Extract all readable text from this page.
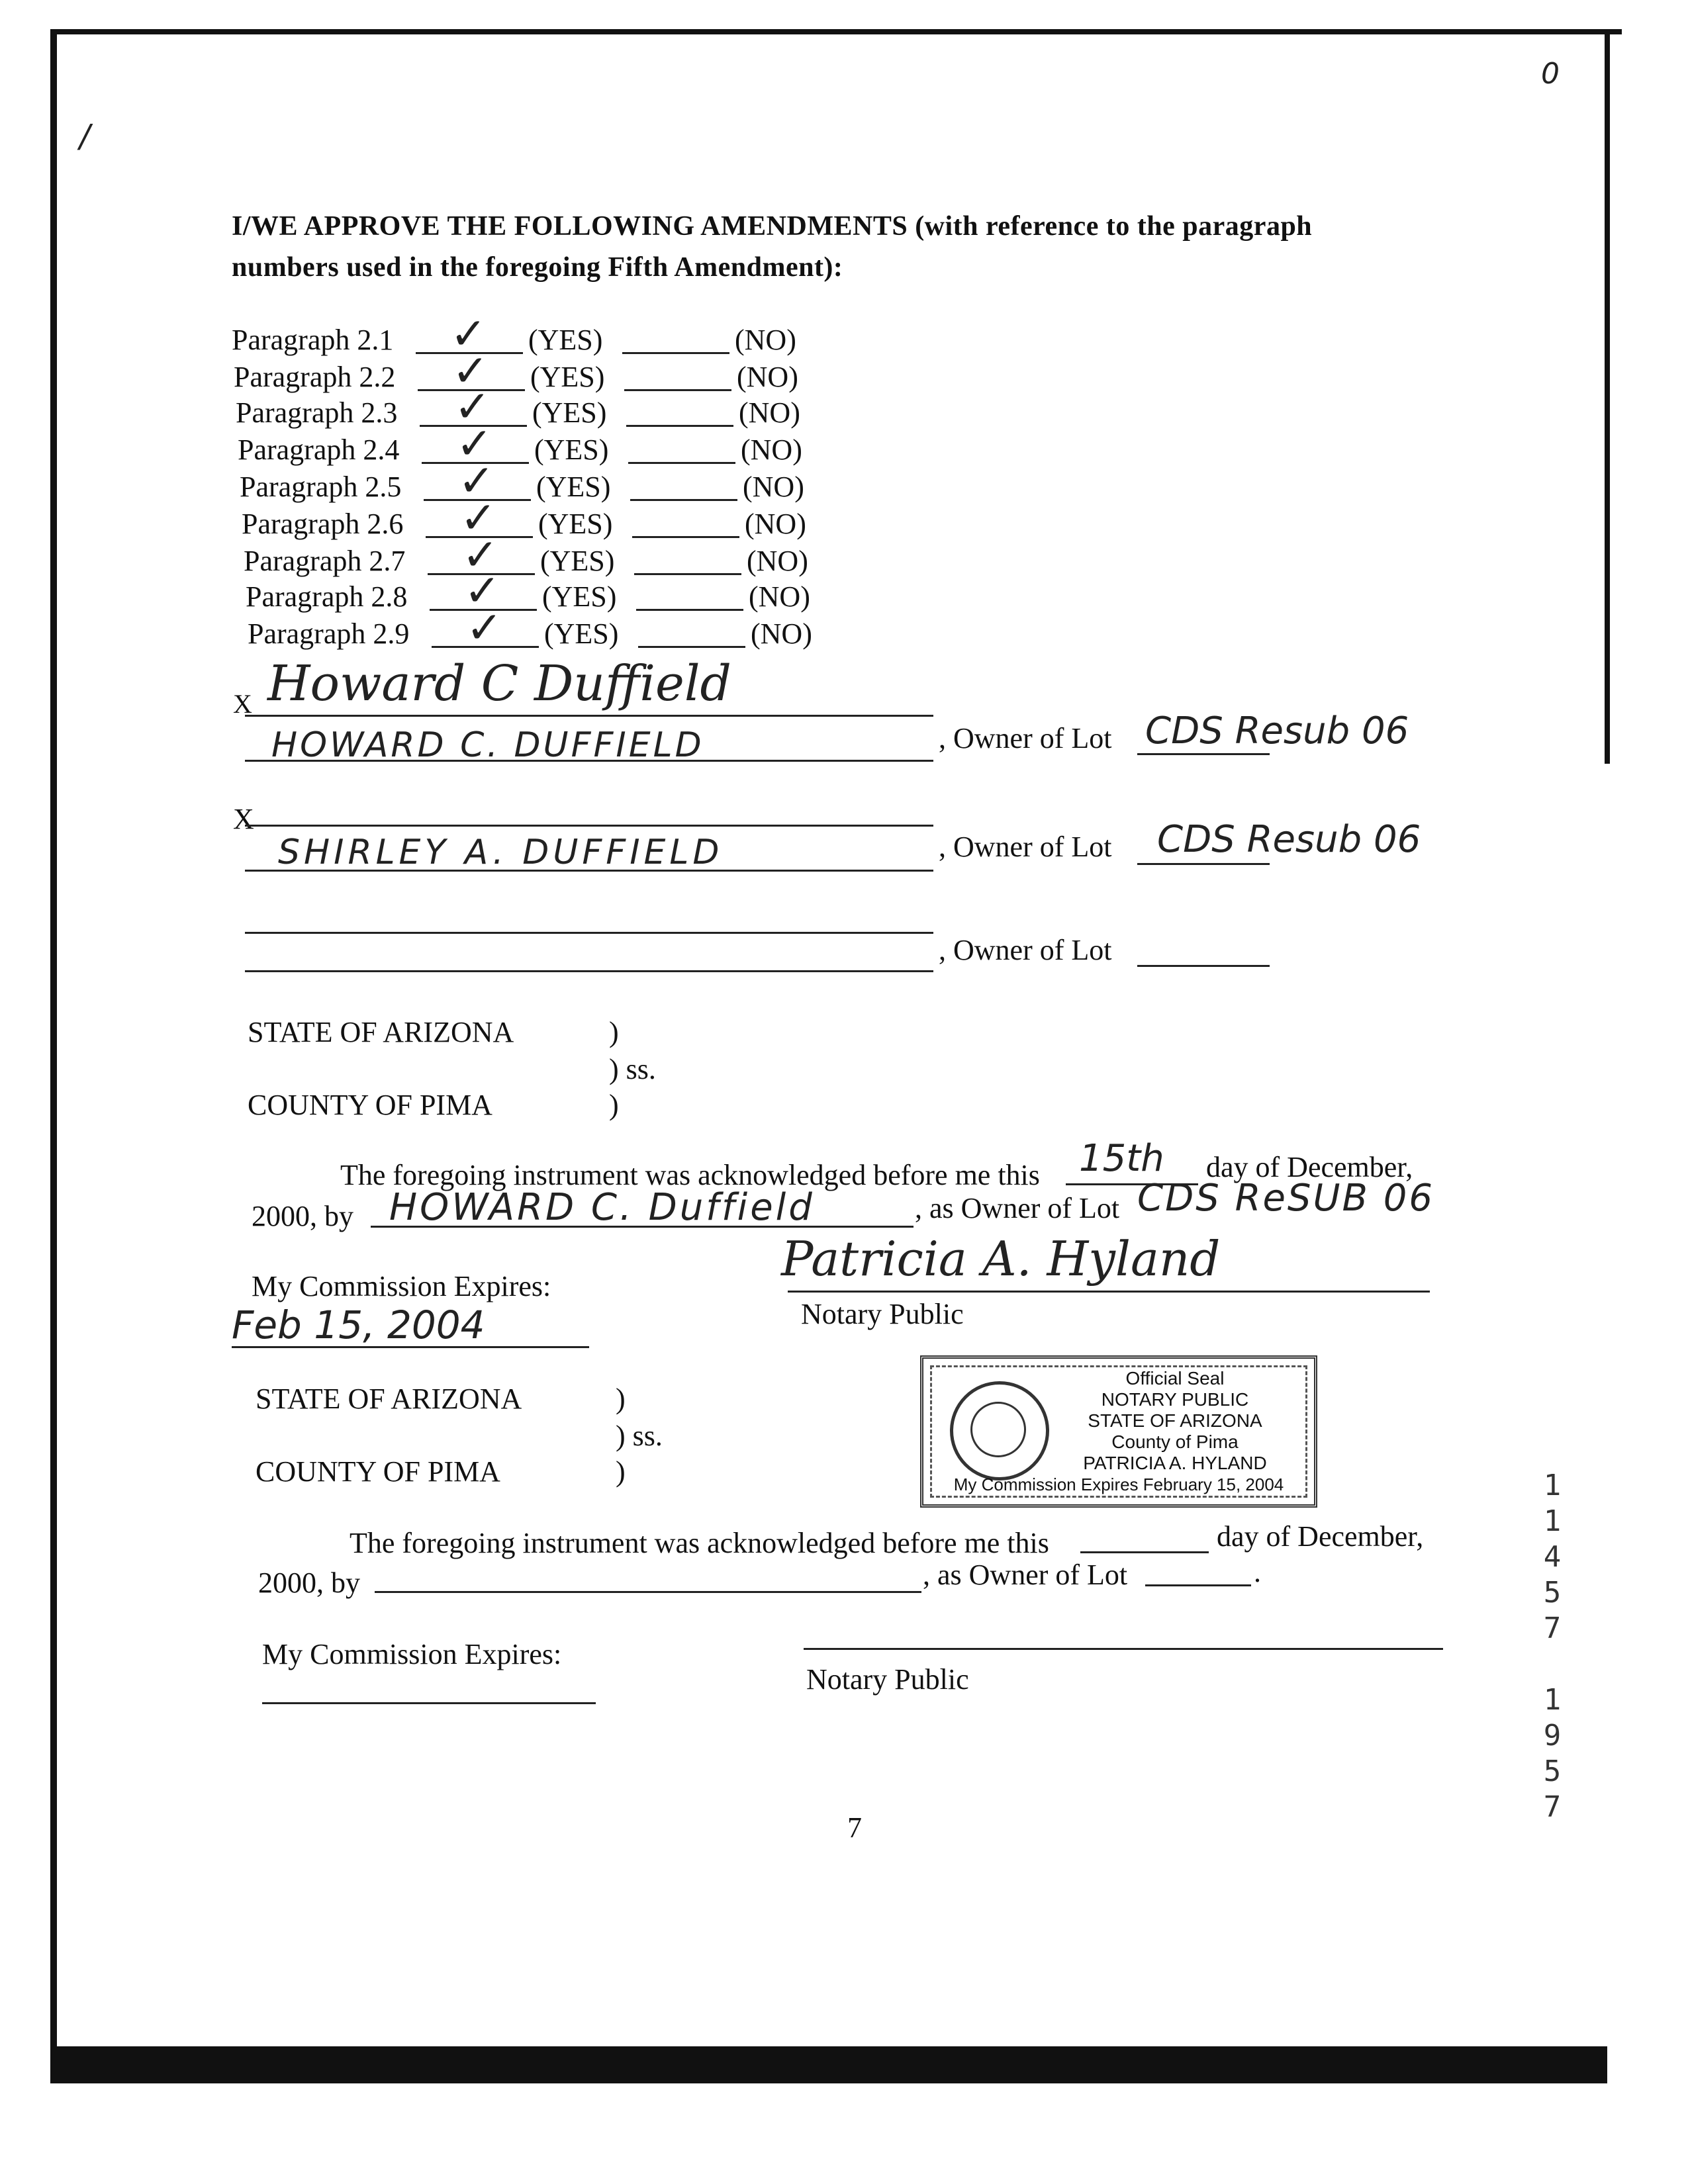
0
/
I/WE APPROVE THE FOLLOWING AMENDMENTS (with reference to the paragraph
numbers used in the foregoing Fifth Amendment):
Paragraph 2.1 ✓ (YES)	(NO)
Paragraph 2.2 ✓ (YES)	(NO)
Paragraph 2.3 ✓ (YES)	(NO)
Paragraph 2.4 ✓ (YES)	(NO)
Paragraph 2.5 ✓ (YES)	(NO)
Paragraph 2.6 ✓ (YES)	(NO)
Paragraph 2.7 ✓ (YES)	(NO)
Paragraph 2.8 ✓ (YES)	(NO)
Paragraph 2.9 ✓ (YES)	(NO)
X Howard C Duffield
HOWARD C. DUFFIELD	, Owner of Lot CDS Resub 06
X
SHIRLEY A. DUFFIELD	, Owner of Lot CDS Resub 06
, Owner of Lot
STATE OF ARIZONA	)
) ss.
COUNTY OF PIMA	)
The foregoing instrument was acknowledged before me this 15th day of December,
2000, by HOWARD C. Duffield	, as Owner of Lot CDS ReSUB 06
My Commission Expires:
Feb 15, 2004
Patricia A. Hyland
Notary Public
Official Seal
NOTARY PUBLIC
STATE OF ARIZONA
County of Pima
PATRICIA A. HYLAND
My Commission Expires February 15, 2004
STATE OF ARIZONA	)
) ss.
COUNTY OF PIMA	)
The foregoing instrument was acknowledged before me this	day of December,
2000, by	, as Owner of Lot	.
My Commission Expires:
Notary Public
7
1
1
4
5
7
1
9
5
7
